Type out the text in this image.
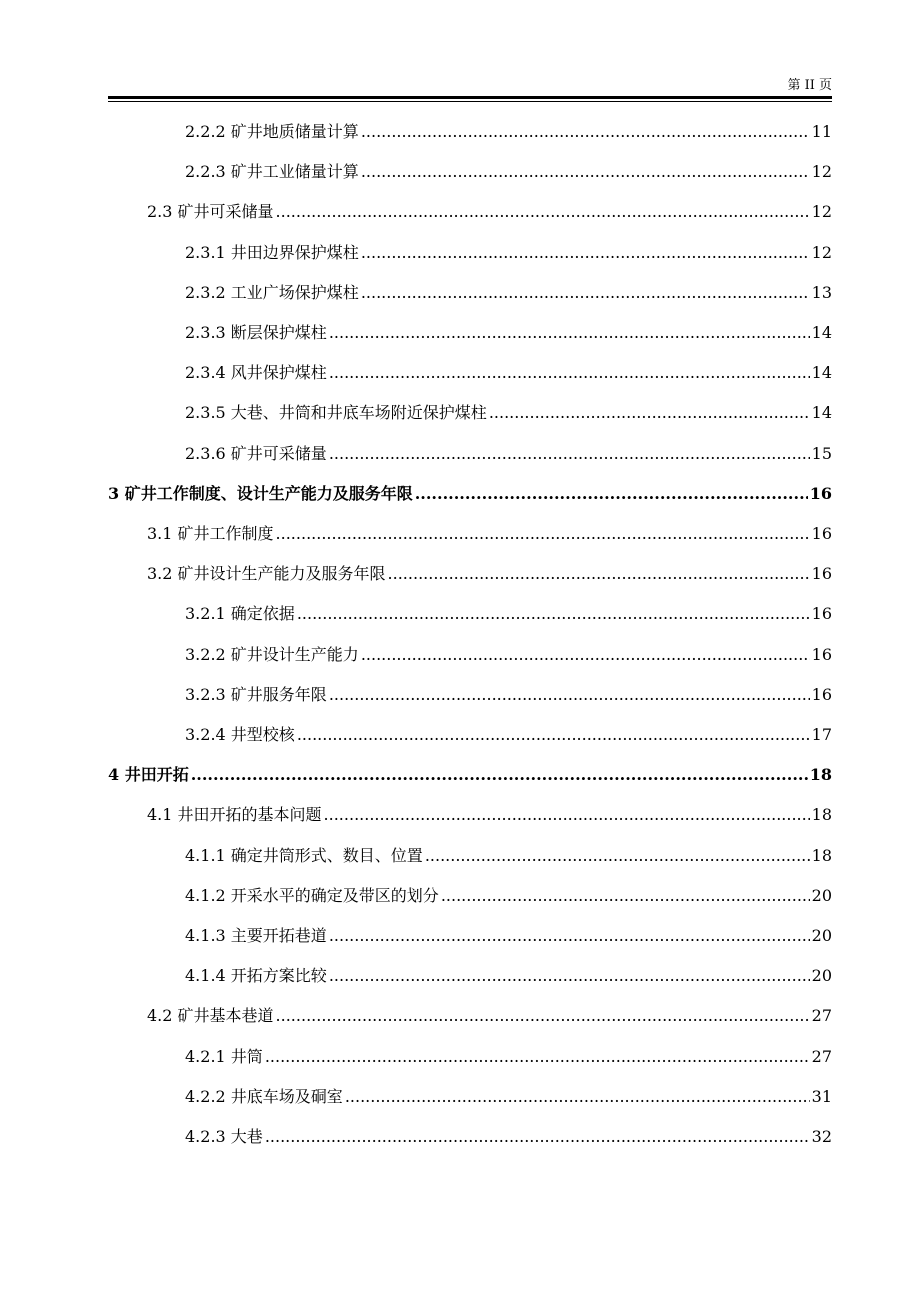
第 II 页
2.2.2 矿井地质储量计算 .....	11
2.2.3 矿井工业储量计算 .....	12
2.3 矿井可采储量 .....	12
2.3.1 井田边界保护煤柱 .....	12
2.3.2 工业广场保护煤柱 .....	13
2.3.3 断层保护煤柱 .....	14
2.3.4 风井保护煤柱 .....	14
2.3.5 大巷、井筒和井底车场附近保护煤柱 .....	14
2.3.6 矿井可采储量 .....	15
3 矿井工作制度、设计生产能力及服务年限 .....	16
3.1 矿井工作制度 .....	16
3.2 矿井设计生产能力及服务年限 .....	16
3.2.1 确定依据 .....	16
3.2.2 矿井设计生产能力 .....	16
3.2.3 矿井服务年限 .....	16
3.2.4 井型校核 .....	17
4 井田开拓 .....	18
4.1 井田开拓的基本问题 .....	18
4.1.1 确定井筒形式、数目、位置 .....	18
4.1.2 开采水平的确定及带区的划分 .....	20
4.1.3 主要开拓巷道 .....	20
4.1.4 开拓方案比较 .....	20
4.2 矿井基本巷道 .....	27
4.2.1 井筒 .....	27
4.2.2 井底车场及硐室 .....	31
4.2.3 大巷 .....	32
